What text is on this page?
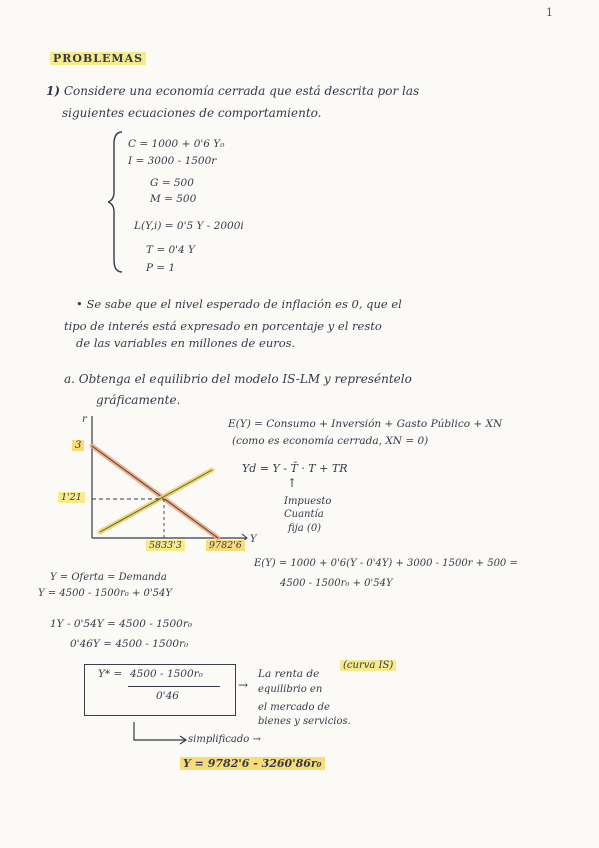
1
PROBLEMAS
1) Considere una economía cerrada que está descrita por las
siguientes ecuaciones de comportamiento.
C = 1000 + 0'6 Y₀
I = 3000 - 1500r
G = 500
M = 500
L(Y,i) = 0'5 Y - 2000i
T = 0'4 Y
P = 1
• Se sabe que el nivel esperado de inflación es 0, que el
tipo de interés está expresado en porcentaje y el resto
de las variables en millones de euros.
a. Obtenga el equilibrio del modelo IS-LM y represéntelo
gráficamente.
E(Y) = Consumo + Inversión + Gasto Público + XN
(como es economía cerrada, XN = 0)
Yd = Y - T̄ · T + TR
↑
Impuesto
Cuantía
fija (0)
r
Y
3
1'21
5833'3	9782'6
E(Y) = 1000 + 0'6(Y - 0'4Y) + 3000 - 1500r + 500 =
4500 - 1500r₀ + 0'54Y
Y = Oferta = Demanda
Y = 4500 - 1500r₀ + 0'54Y
1Y - 0'54Y = 4500 - 1500r₀
0'46Y = 4500 - 1500r₀
Y* = 4500 - 1500r₀
0'46
→
(curva IS)
La renta de
equilibrio en
el mercado de
bienes y servicios.
simplificado →
Y = 9782'6 - 3260'86r₀
